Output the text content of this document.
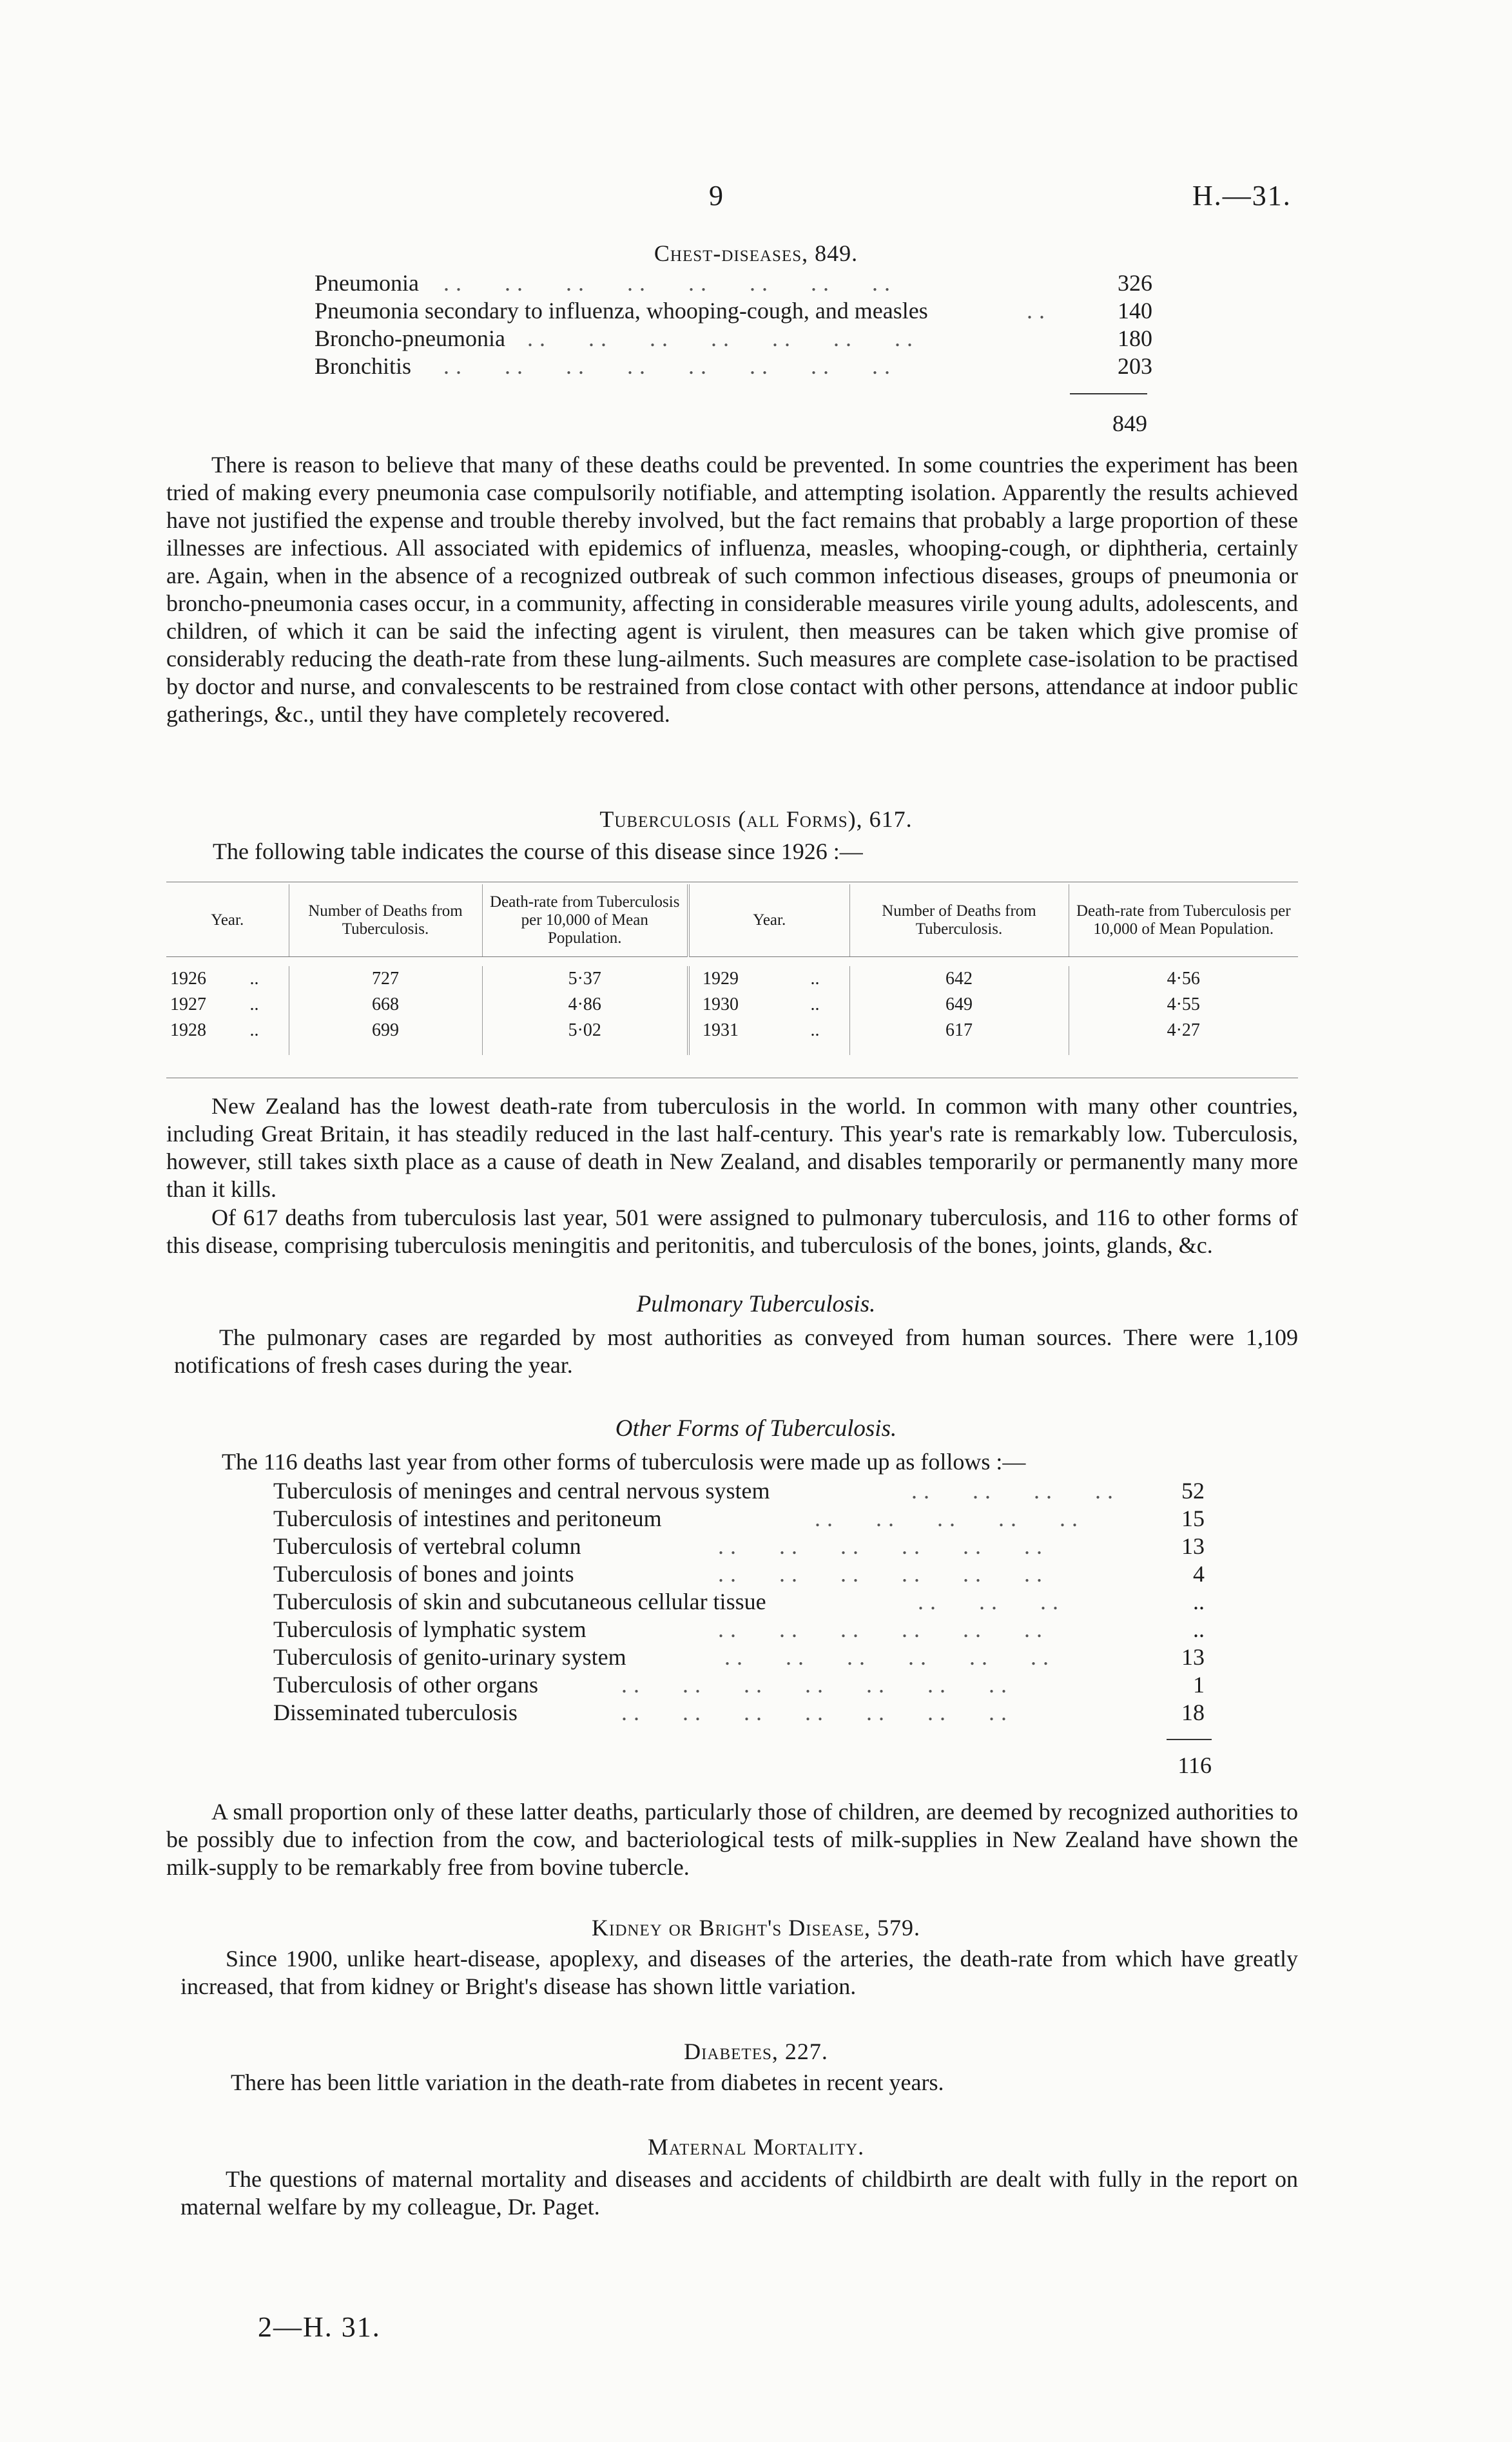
9	H.—31.
Chest-diseases, 849.
Pneumonia ..   ..   ..   ..   ..   ..   ..   ..	326
Pneumonia secondary to influenza, whooping-cough, and measles	..	140
Broncho-pneumonia ..   ..   ..   ..   ..   ..   ..	180
Bronchitis ..   ..   ..   ..   ..   ..   ..   ..	203
849
There is reason to believe that many of these deaths could be prevented. In some countries the experiment has been tried of making every pneumonia case compulsorily notifiable, and attempting isolation. Apparently the results achieved have not justified the expense and trouble thereby involved, but the fact remains that probably a large proportion of these illnesses are infectious. All associated with epidemics of influenza, measles, whooping-cough, or diphtheria, certainly are. Again, when in the absence of a recognized outbreak of such common infectious diseases, groups of pneumonia or broncho-pneumonia cases occur, in a community, affecting in considerable measures virile young adults, adolescents, and children, of which it can be said the infecting agent is virulent, then measures can be taken which give promise of considerably reducing the death-rate from these lung-ailments. Such measures are complete case-isolation to be practised by doctor and nurse, and convalescents to be restrained from close contact with other persons, attendance at indoor public gatherings, &c., until they have completely recovered.
Tuberculosis (all Forms), 617.
The following table indicates the course of this disease since 1926 :—
Year.	Number of Deaths from Tuberculosis.	Death-rate from Tuberculosis per 10,000 of Mean Population.	Year.	Number of Deaths from Tuberculosis.	Death-rate from Tuberculosis per 10,000 of Mean Population.

1926 ..	727	5·37	1929 ..	642	4·56
1927 ..	668	4·86	1930 ..	649	4·55
1928 ..	699	5·02	1931 ..	617	4·27
New Zealand has the lowest death-rate from tuberculosis in the world. In common with many other countries, including Great Britain, it has steadily reduced in the last half-century. This year's rate is remarkably low. Tuberculosis, however, still takes sixth place as a cause of death in New Zealand, and disables temporarily or permanently many more than it kills.
Of 617 deaths from tuberculosis last year, 501 were assigned to pulmonary tuberculosis, and 116 to other forms of this disease, comprising tuberculosis meningitis and peritonitis, and tuberculosis of the bones, joints, glands, &c.
Pulmonary Tuberculosis.
The pulmonary cases are regarded by most authorities as conveyed from human sources. There were 1,109 notifications of fresh cases during the year.
Other Forms of Tuberculosis.
The 116 deaths last year from other forms of tuberculosis were made up as follows :—
Tuberculosis of meninges and central nervous system	..   ..   ..   ..	52
Tuberculosis of intestines and peritoneum	..   ..   ..   ..   ..	15
Tuberculosis of vertebral column	..   ..   ..   ..   ..   ..	13
Tuberculosis of bones and joints	..   ..   ..   ..   ..   ..	4
Tuberculosis of skin and subcutaneous cellular tissue	..   ..   ..	..
Tuberculosis of lymphatic system	..   ..   ..   ..   ..   ..	..
Tuberculosis of genito-urinary system	..   ..   ..   ..   ..   ..	13
Tuberculosis of other organs	..   ..   ..   ..   ..   ..   ..	1
Disseminated tuberculosis	..   ..   ..   ..   ..   ..   ..	18
116
A small proportion only of these latter deaths, particularly those of children, are deemed by recognized authorities to be possibly due to infection from the cow, and bacteriological tests of milk-supplies in New Zealand have shown the milk-supply to be remarkably free from bovine tubercle.
Kidney or Bright's Disease, 579.
Since 1900, unlike heart-disease, apoplexy, and diseases of the arteries, the death-rate from which have greatly increased, that from kidney or Bright's disease has shown little variation.
Diabetes, 227.
There has been little variation in the death-rate from diabetes in recent years.
Maternal Mortality.
The questions of maternal mortality and diseases and accidents of childbirth are dealt with fully in the report on maternal welfare by my colleague, Dr. Paget.
2—H. 31.
